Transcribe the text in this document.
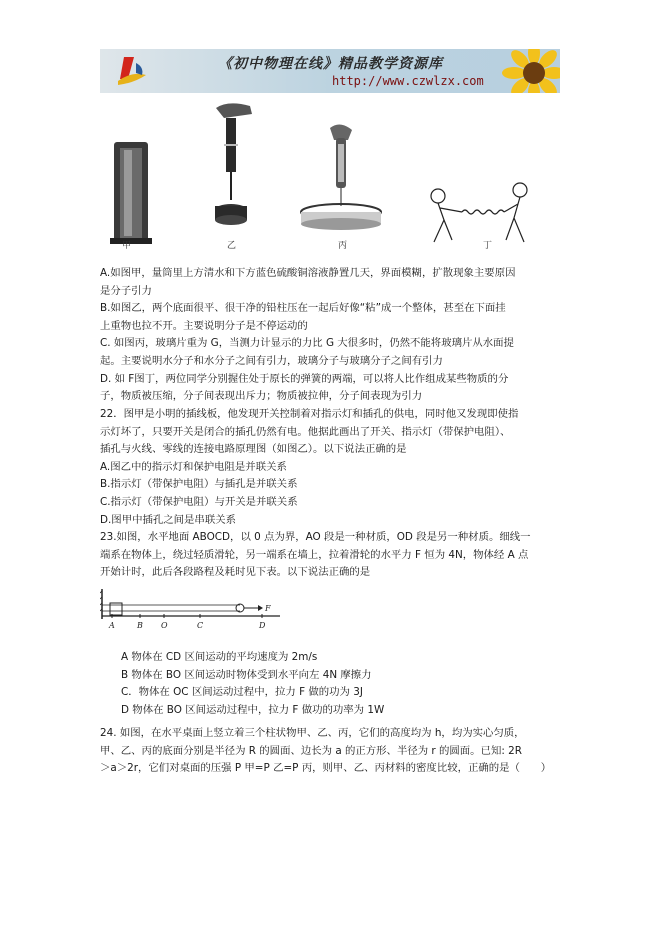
《初中物理在线》精品教学资源库
http://www.czwlzx.com
甲	乙	丙	丁

A.如图甲，量筒里上方清水和下方蓝色硫酸铜溶液静置几天，界面模糊，扩散现象主要原因

是分子引力

B.如图乙，两个底面很平、很干净的铅柱压在一起后好像“粘”成一个整体，甚至在下面挂

上重物也拉不开。主要说明分子是不停运动的

C. 如图丙，玻璃片重为 G，当测力计显示的力比 G 大很多时，仍然不能将玻璃片从水面提

起。主要说明水分子和水分子之间有引力，玻璃分子与玻璃分子之间有引力

D. 如 F图丁，两位同学分别握住处于原长的弹簧的两端，可以将人比作组成某些物质的分

子，物质被压缩，分子间表现出斥力；物质被拉伸，分子间表现为引力

22．图甲是小明的插线板，他发现开关控制着对指示灯和插孔的供电，同时他又发现即使指

示灯坏了，只要开关是闭合的插孔仍然有电。他据此画出了开关、指示灯（带保护电阻）、

插孔与火线、零线的连接电路原理图（如图乙）。以下说法正确的是

A.图乙中的指示灯和保护电阻是并联关系

B.指示灯（带保护电阻）与插孔是并联关系

C.指示灯（带保护电阻）与开关是并联关系

D.图甲中插孔之间是串联关系

23.如图，水平地面 ABOCD，以 0 点为界，AO 段是一种材质，OD 段是另一种材质。细线一

端系在物体上，绕过轻质滑轮，另一端系在墙上，拉着滑轮的水平力 F 恒为 4N，物体经 A 点

开始计时，此后各段路程及耗时见下表。以下说法正确的是

A	B O	C	D
F

A 物体在 CD 区间运动的平均速度为 2m/s

B 物体在 BO 区间运动时物体受到水平向左 4N 摩擦力

C．物体在 OC 区间运动过程中，拉力 F 做的功为 3J

D 物体在 BO 区间运动过程中，拉力 F 做功的功率为 1W

24. 如图，在水平桌面上竖立着三个柱状物甲、乙、丙，它们的高度均为 h，均为实心匀质，

甲、乙、丙的底面分别是半径为 R 的圆面、边长为 a 的正方形、半径为 r 的圆面。已知: 2R

＞a＞2r，它们对桌面的压强 P 甲=P 乙=P 丙，则甲、乙、丙材料的密度比较，正确的是（　　）
